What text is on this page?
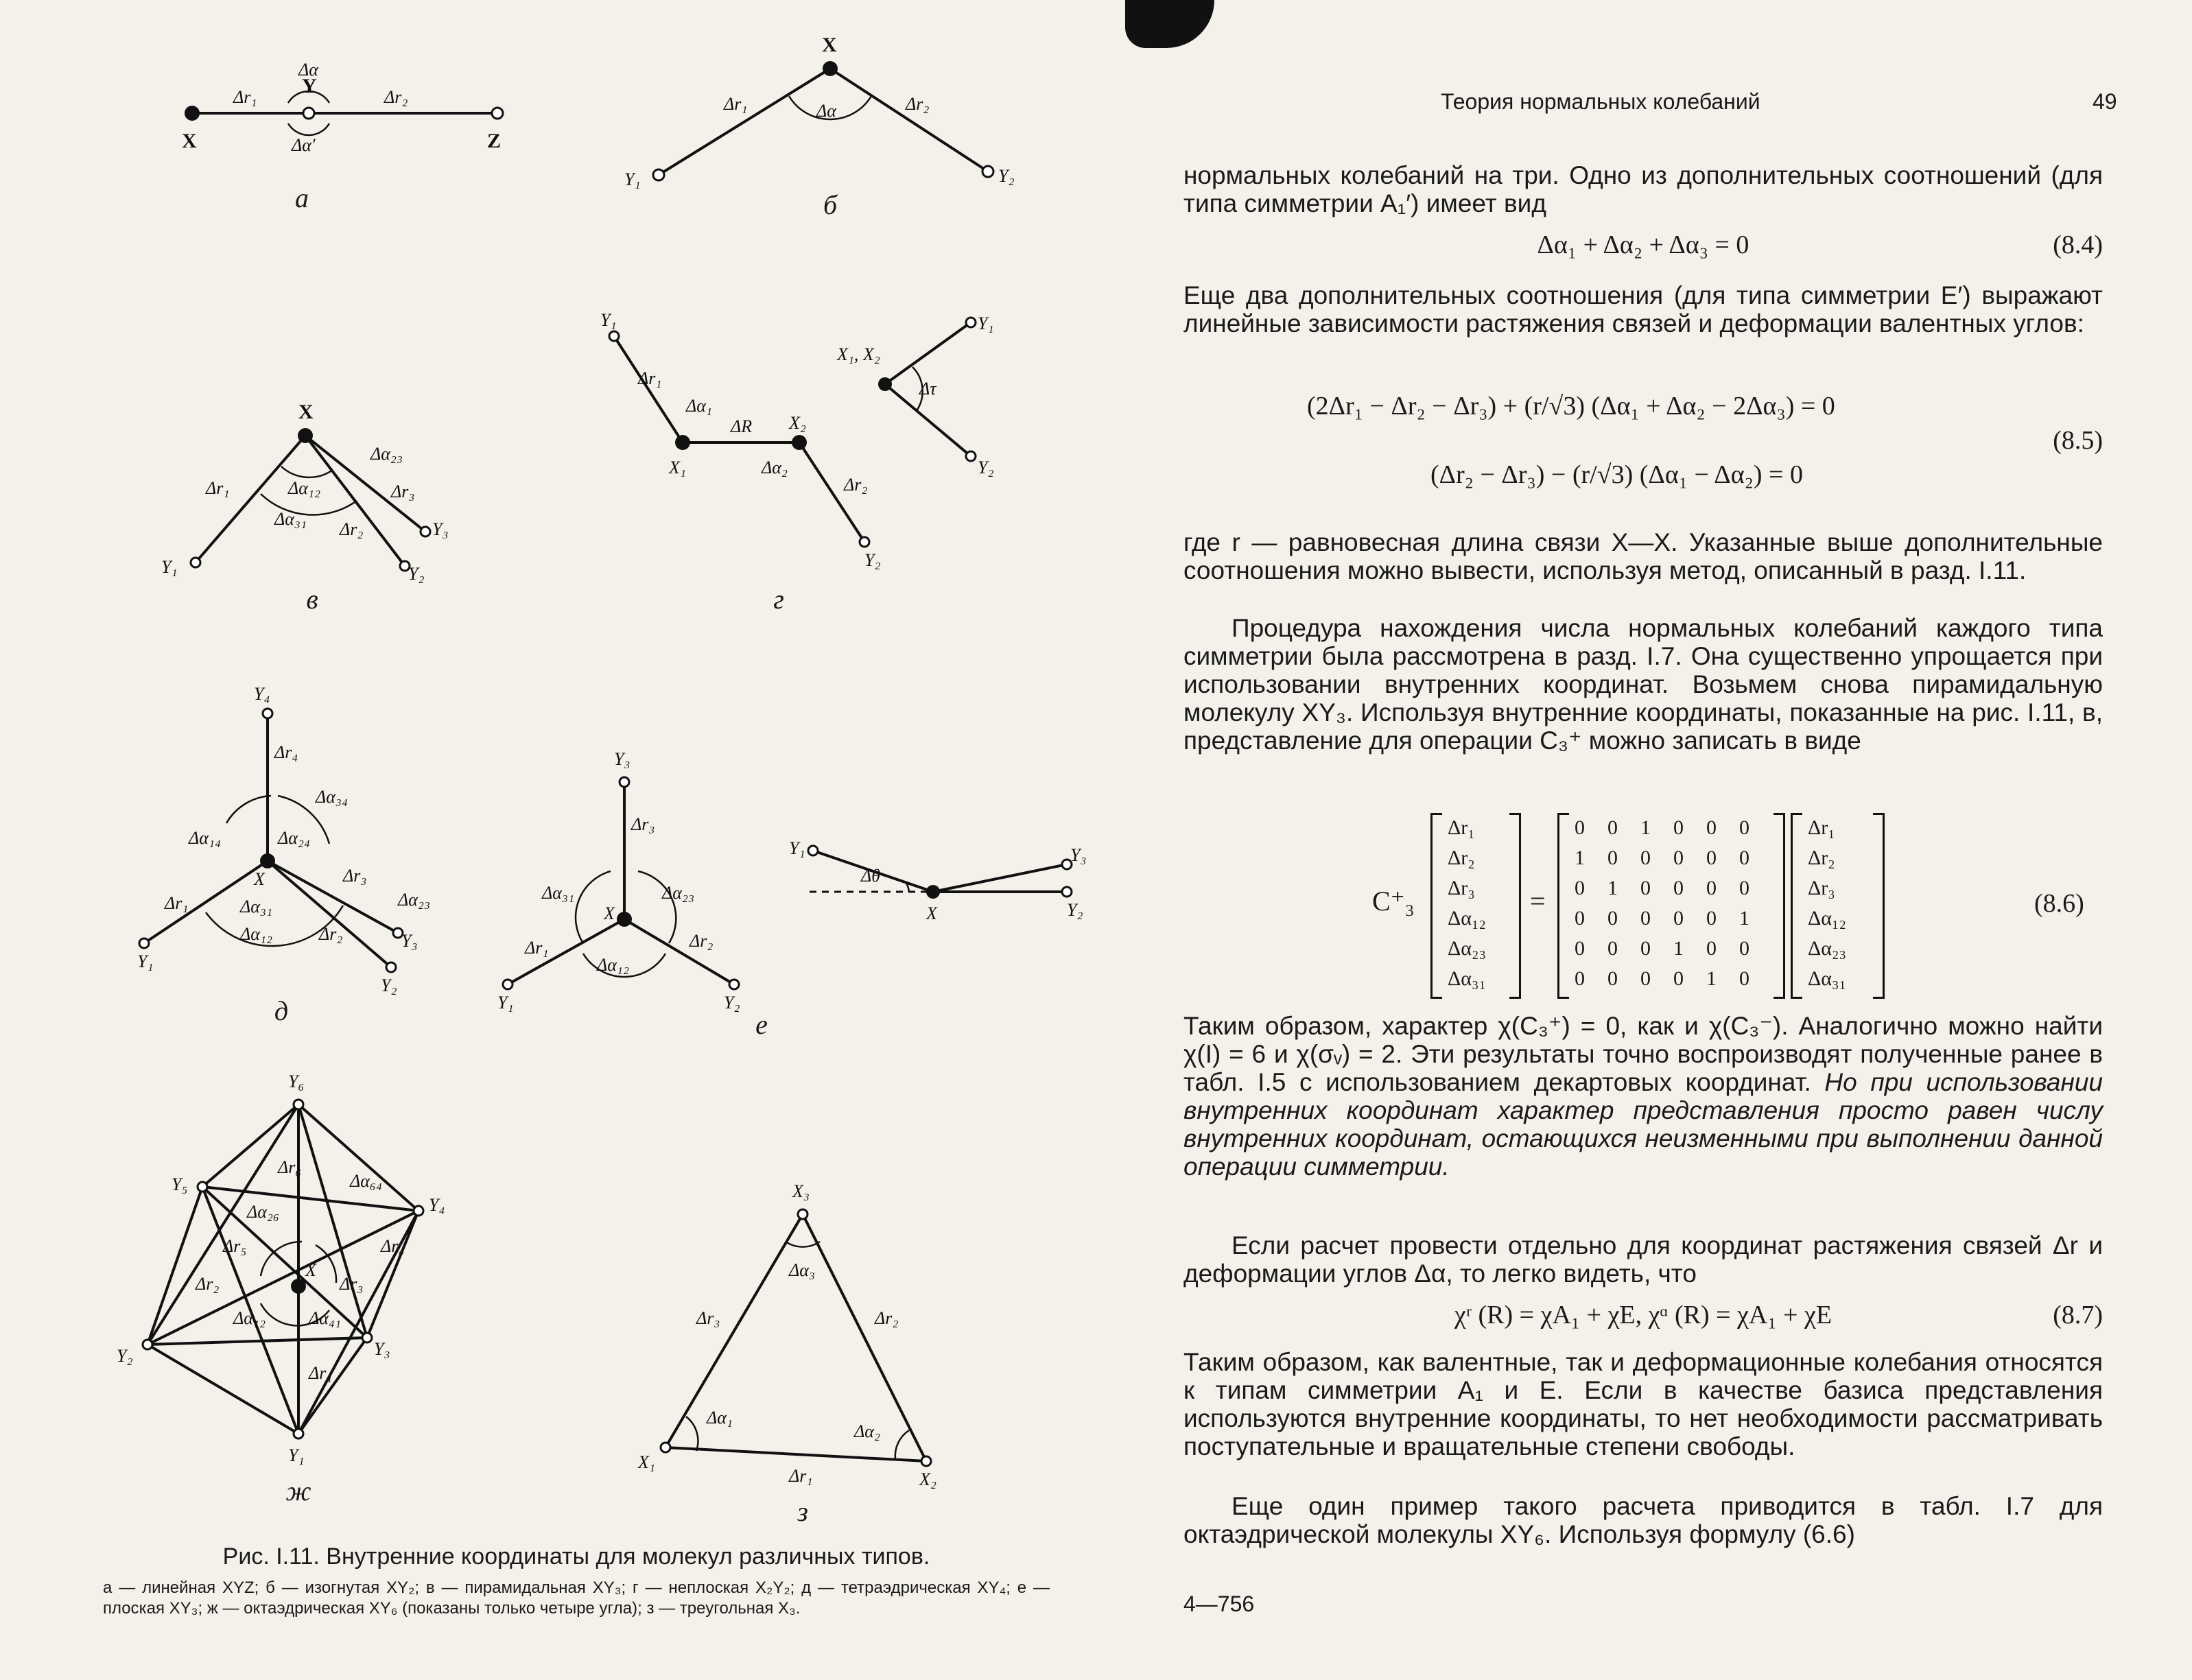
X
Y
Z
Δr₁
Δα
Δr₂
Δα′
а
X
Y₁	Y₂
Δr₁	Δr₂
Δα
б
X
Y₁
Y₃
Y₂
Δα₂₃
Δr₁	Δα₁₂	Δr₃
Δα₃₁
Δr₂
в
Y₁
X₁
X₂
Y₂
Δr₁
Δα₁
ΔR
Δα₂
Δr₂
X₁, X₂
Y₁
Y₂
Δτ
г
Y₄
X
Y₁
Y₃
Y₂
Δr₄
Δα₃₄
Δα₁₄	Δα₂₄
Δr₃
Δα₂₃
Δr₁	Δα₃₁
Δα₁₂	Δr₂
д
Y₃
X
Y₁	Y₂
Δr₃
Δα₃₁	Δα₂₃
Δr₁	Δr₂
Δα₁₂
Y₁
X
Y₃
Y₂
Δθ
е
Y₆
Y₅
Y₄
X
Y₂	Y₃
Y₁
Δr₆
Δα₆₄
Δα₂₆
Δr₅	Δr₄
Δr₂	Δr₃
Δα₁₂ Δα₄₁
Δr₁
ж
X₃
Δα₃
Δr₃	Δr₂
Δα₁
Δα₂
X₁
X₂
Δr₁
з
Рис. I.11. Внутренние координаты для молекул различных типов.
а — линейная XYZ; б — изогнутая XY₂; в — пирамидальная XY₃; г — неплоская X₂Y₂; д — тетраэдрическая XY₄; е — плоская XY₃; ж — октаэдрическая XY₆ (показаны только четыре угла); з — треугольная X₃.
Теория нормальных колебаний	49

нормальных колебаний на три. Одно из дополнительных соотношений (для типа симметрии A₁′) имеет вид

Δα₁ + Δα₂ + Δα₃ = 0	(8.4)

Еще два дополнительных соотношения (для типа симметрии E′) выражают линейные зависимости растяжения связей и деформации валентных углов:

(2Δr₁ − Δr₂ − Δr₃) + (r/√3) (Δα₁ + Δα₂ − 2Δα₃) = 0
(Δr₂ − Δr₃) − (r/√3) (Δα₁ − Δα₂) = 0
(8.5)

где r — равновесная длина связи X—X. Указанные выше дополнительные соотношения можно вывести, используя метод, описанный в разд. I.11.

Процедура нахождения числа нормальных колебаний каждого типа симметрии была рассмотрена в разд. I.7. Она существенно упрощается при использовании внутренних координат. Возьмем снова пирамидальную молекулу XY₃. Используя внутренние координаты, показанные на рис. I.11, в, представление для операции C₃⁺ можно записать в виде

C⁺₃
Δr₁
Δr₂
Δr₃
Δα₁₂
Δα₂₃
Δα₃₁
=
0 0 1 0 0 0
1 0 0 0 0 0
0 1 0 0 0 0
0 0 0 0 0 1
0 0 0 1 0 0
0 0 0 0 1 0
Δr₁
Δr₂
Δr₃
Δα₁₂
Δα₂₃
Δα₃₁
(8.6)

Таким образом, характер χ(C₃⁺) = 0, как и χ(C₃⁻). Аналогично можно найти χ(I) = 6 и χ(σᵥ) = 2. Эти результаты точно воспроизводят полученные ранее в табл. I.5 с использованием декартовых координат. Но при использовании внутренних координат характер представления просто равен числу внутренних координат, остающихся неизменными при выполнении данной операции симметрии.

Если расчет провести отдельно для координат растяжения связей Δr и деформации углов Δα, то легко видеть, что

χʳ (R) = χA₁ + χE, χᵅ (R) = χA₁ + χE	(8.7)

Таким образом, как валентные, так и деформационные колебания относятся к типам симметрии A₁ и E. Если в качестве базиса представления используются внутренние координаты, то нет необходимости рассматривать поступательные и вращательные степени свободы.

Еще один пример такого расчета приводится в табл. I.7 для октаэдрической молекулы XY₆. Используя формулу (6.6)

4—756
